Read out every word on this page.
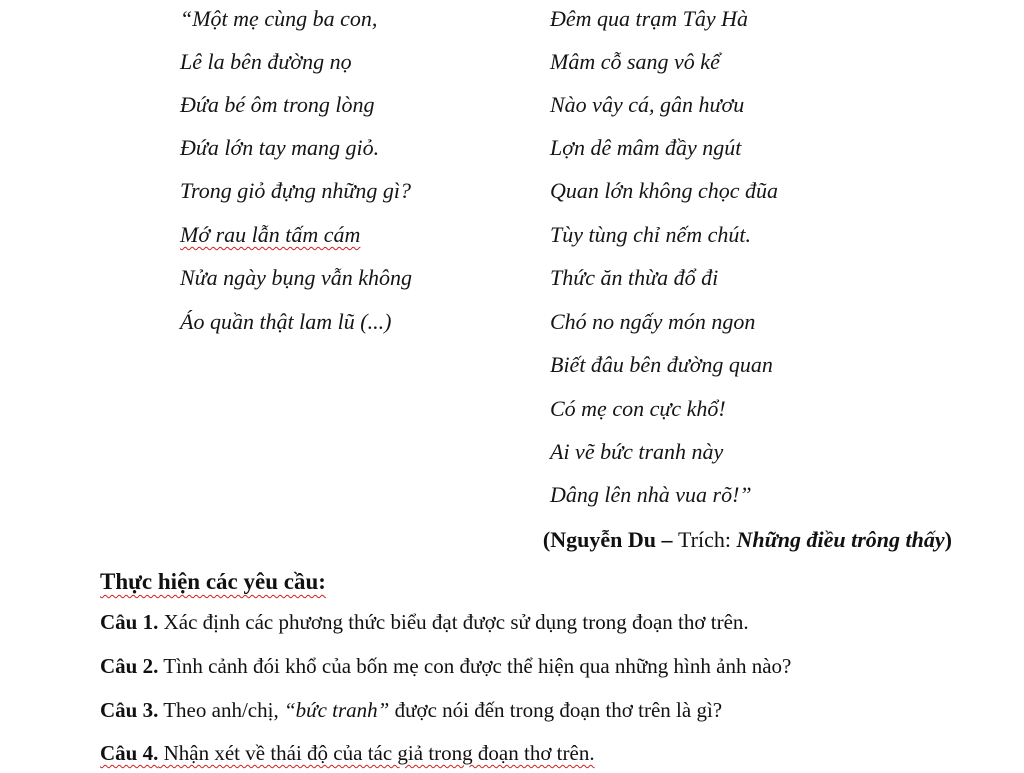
“Một mẹ cùng ba con,
Lê la bên đường nọ
Đứa bé ôm trong lòng
Đứa lớn tay mang giỏ.
Trong giỏ đựng những gì?
Mớ rau lẫn tấm cám
Nửa ngày bụng vẫn không
Áo quần thật lam lũ (...)
Đêm qua trạm Tây Hà
Mâm cỗ sang vô kể
Nào vây cá, gân hươu
Lợn dê mâm đầy ngút
Quan lớn không chọc đũa
Tùy tùng chỉ nếm chút.
Thức ăn thừa đổ đi
Chó no ngấy món ngon
Biết đâu bên đường quan
Có mẹ con cực khổ!
Ai vẽ bức tranh này
Dâng lên nhà vua rõ!”
(Nguyễn Du – Trích: Những điều trông thấy)
Thực hiện các yêu cầu:
Câu 1. Xác định các phương thức biểu đạt được sử dụng trong đoạn thơ trên.
Câu 2. Tình cảnh đói khổ của bốn mẹ con được thể hiện qua những hình ảnh nào?
Câu 3. Theo anh/chị, “bức tranh” được nói đến trong đoạn thơ trên là gì?
Câu 4. Nhận xét về thái độ của tác giả trong đoạn thơ trên.
